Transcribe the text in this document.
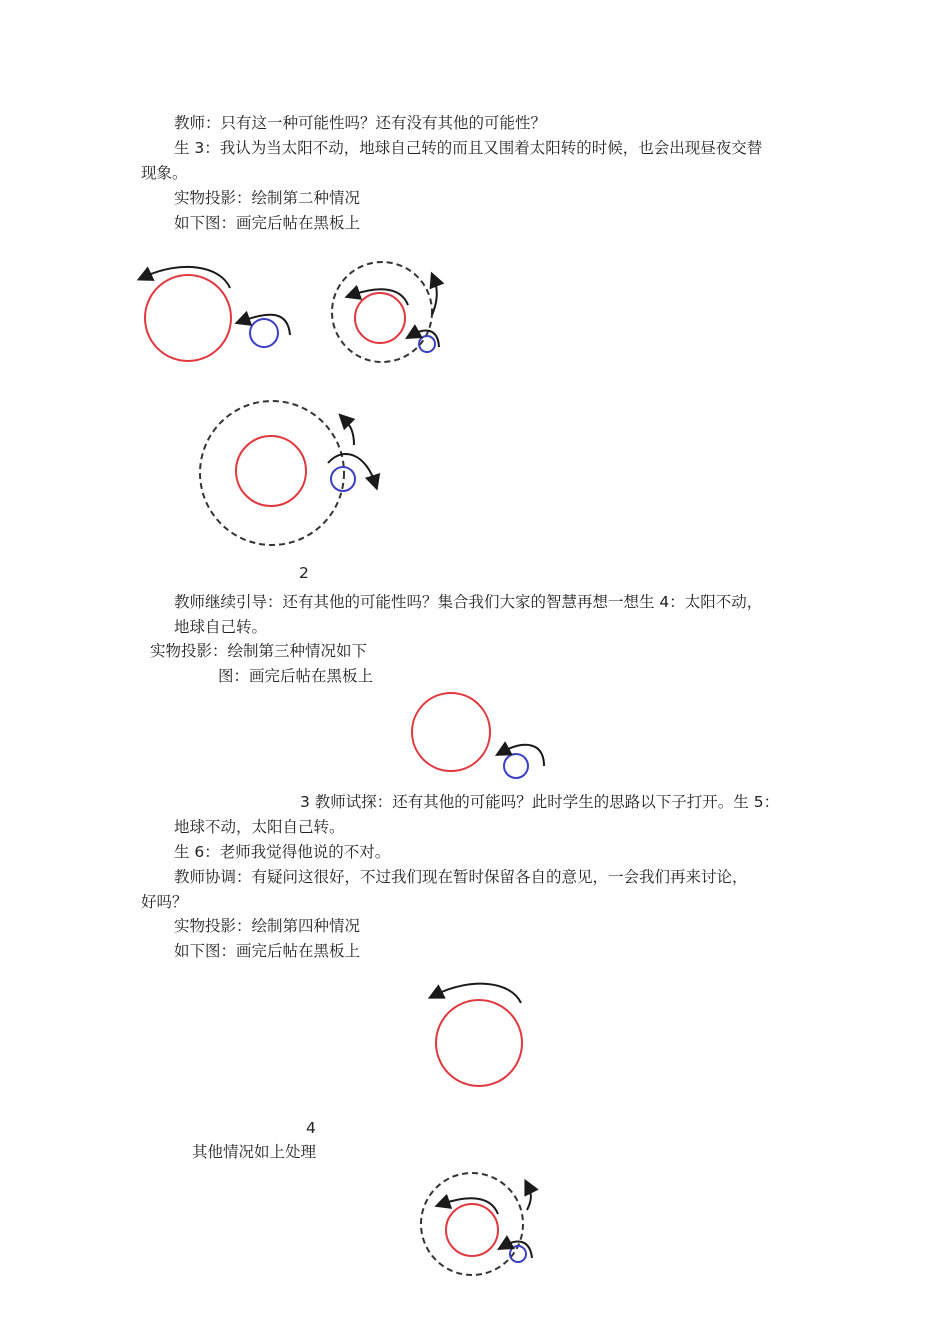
教师：只有这一种可能性吗？还有没有其他的可能性？
生 3：我认为当太阳不动，地球自己转的而且又围着太阳转的时候，也会出现昼夜交替
现象。
实物投影：绘制第二种情况
如下图：画完后帖在黑板上
2
教师继续引导：还有其他的可能性吗？集合我们大家的智慧再想一想生 4：太阳不动，
地球自己转。
实物投影：绘制第三种情况如下
图：画完后帖在黑板上
3 教师试探：还有其他的可能吗？此时学生的思路以下子打开。生 5：
地球不动，太阳自己转。
生 6：老师我觉得他说的不对。
教师协调：有疑问这很好，不过我们现在暂时保留各自的意见，一会我们再来讨论，
好吗？
实物投影：绘制第四种情况
如下图：画完后帖在黑板上
4
其他情况如上处理
